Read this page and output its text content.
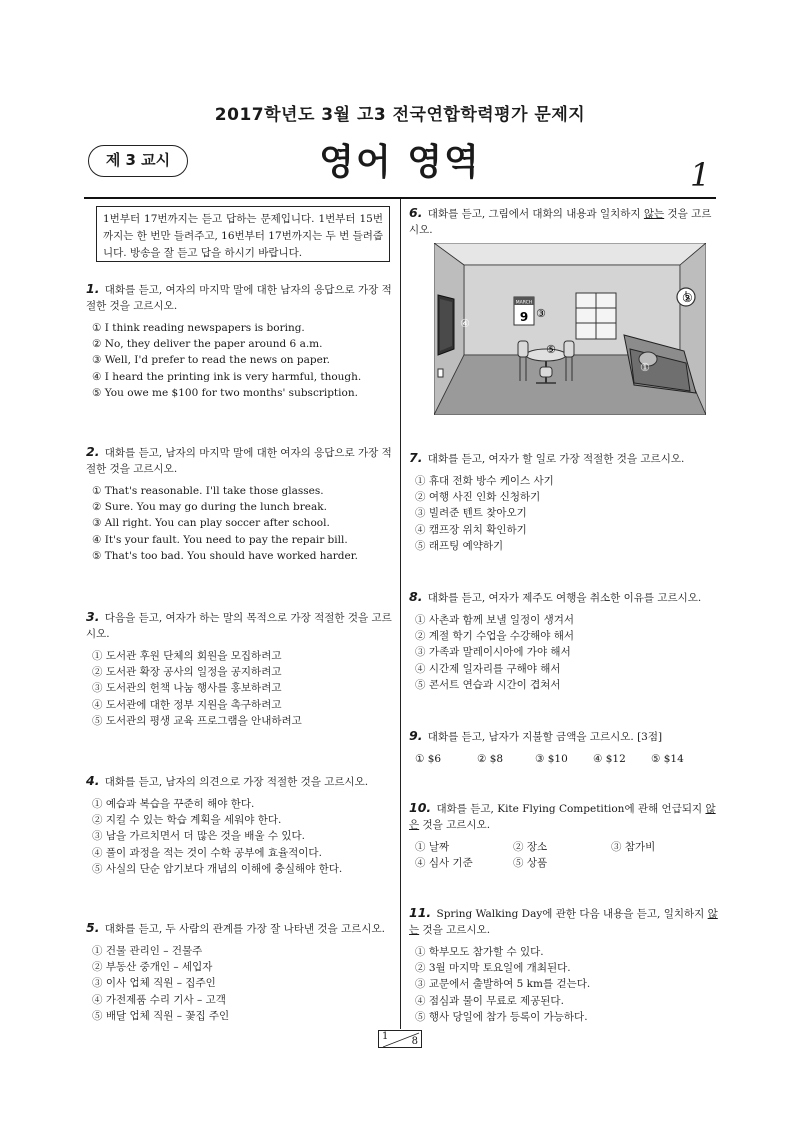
2017학년도 3월 고3 전국연합학력평가 문제지
제 3 교시	영어 영역	1
1번부터 17번까지는 듣고 답하는 문제입니다. 1번부터 15번까지는 한 번만 들려주고, 16번부터 17번까지는 두 번 들려줍니다. 방송을 잘 듣고 답을 하시기 바랍니다.
1. 대화를 듣고, 여자의 마지막 말에 대한 남자의 응답으로 가장 적절한 것을 고르시오.
① I think reading newspapers is boring.
② No, they deliver the paper around 6 a.m.
③ Well, I'd prefer to read the news on paper.
④ I heard the printing ink is very harmful, though.
⑤ You owe me $100 for two months' subscription.
2. 대화를 듣고, 남자의 마지막 말에 대한 여자의 응답으로 가장 적절한 것을 고르시오.
① That's reasonable. I'll take those glasses.
② Sure. You may go during the lunch break.
③ All right. You can play soccer after school.
④ It's your fault. You need to pay the repair bill.
⑤ That's too bad. You should have worked harder.
3. 다음을 듣고, 여자가 하는 말의 목적으로 가장 적절한 것을 고르시오.
① 도서관 후원 단체의 회원을 모집하려고
② 도서관 확장 공사의 일정을 공지하려고
③ 도서관의 헌책 나눔 행사를 홍보하려고
④ 도서관에 대한 정부 지원을 촉구하려고
⑤ 도서관의 평생 교육 프로그램을 안내하려고
4. 대화를 듣고, 남자의 의견으로 가장 적절한 것을 고르시오.
① 예습과 복습을 꾸준히 해야 한다.
② 지킬 수 있는 학습 계획을 세워야 한다.
③ 남을 가르치면서 더 많은 것을 배울 수 있다.
④ 풀이 과정을 적는 것이 수학 공부에 효율적이다.
⑤ 사실의 단순 암기보다 개념의 이해에 충실해야 한다.
5. 대화를 듣고, 두 사람의 관계를 가장 잘 나타낸 것을 고르시오.
① 건물 관리인 – 건물주
② 부동산 중개인 – 세입자
③ 이사 업체 직원 – 집주인
④ 가전제품 수리 기사 – 고객
⑤ 배달 업체 직원 – 꽃집 주인
6. 대화를 듣고, 그림에서 대화의 내용과 일치하지 않는 것을 고르시오.
MARCH
9
②
③
④
⑤
①
7. 대화를 듣고, 여자가 할 일로 가장 적절한 것을 고르시오.
① 휴대 전화 방수 케이스 사기
② 여행 사진 인화 신청하기
③ 빌려준 텐트 찾아오기
④ 캠프장 위치 확인하기
⑤ 래프팅 예약하기
8. 대화를 듣고, 여자가 제주도 여행을 취소한 이유를 고르시오.
① 사촌과 함께 보낼 일정이 생겨서
② 계절 학기 수업을 수강해야 해서
③ 가족과 말레이시아에 가야 해서
④ 시간제 일자리를 구해야 해서
⑤ 콘서트 연습과 시간이 겹쳐서
9. 대화를 듣고, 남자가 지불할 금액을 고르시오. [3점]
① $6	② $8	③ $10	④ $12	⑤ $14
10. 대화를 듣고, Kite Flying Competition에 관해 언급되지 않은 것을 고르시오.
① 날짜	② 장소	③ 참가비
④ 심사 기준	⑤ 상품
11. Spring Walking Day에 관한 다음 내용을 듣고, 일치하지 않는 것을 고르시오.
① 학부모도 참가할 수 있다.
② 3월 마지막 토요일에 개최된다.
③ 교문에서 출발하여 5 km를 걷는다.
④ 점심과 물이 무료로 제공된다.
⑤ 행사 당일에 참가 등록이 가능하다.
1 8
